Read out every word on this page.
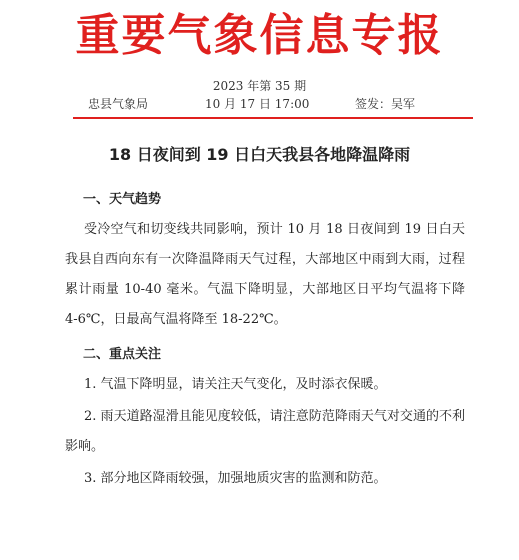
重要气象信息专报
2023 年第 35 期
忠县气象局	10 月 17 日 17:00	签发：吴军
18 日夜间到 19 日白天我县各地降温降雨
一、天气趋势

受冷空气和切变线共同影响，预计 10 月 18 日夜间到 19 日白天我县自西向东有一次降温降雨天气过程，大部地区中雨到大雨，过程累计雨量 10-40 毫米。气温下降明显，大部地区日平均气温将下降 4-6℃，日最高气温将降至 18-22℃。

二、重点关注

1. 气温下降明显，请关注天气变化，及时添衣保暖。

2. 雨天道路湿滑且能见度较低，请注意防范降雨天气对交通的不利影响。

3. 部分地区降雨较强，加强地质灾害的监测和防范。
